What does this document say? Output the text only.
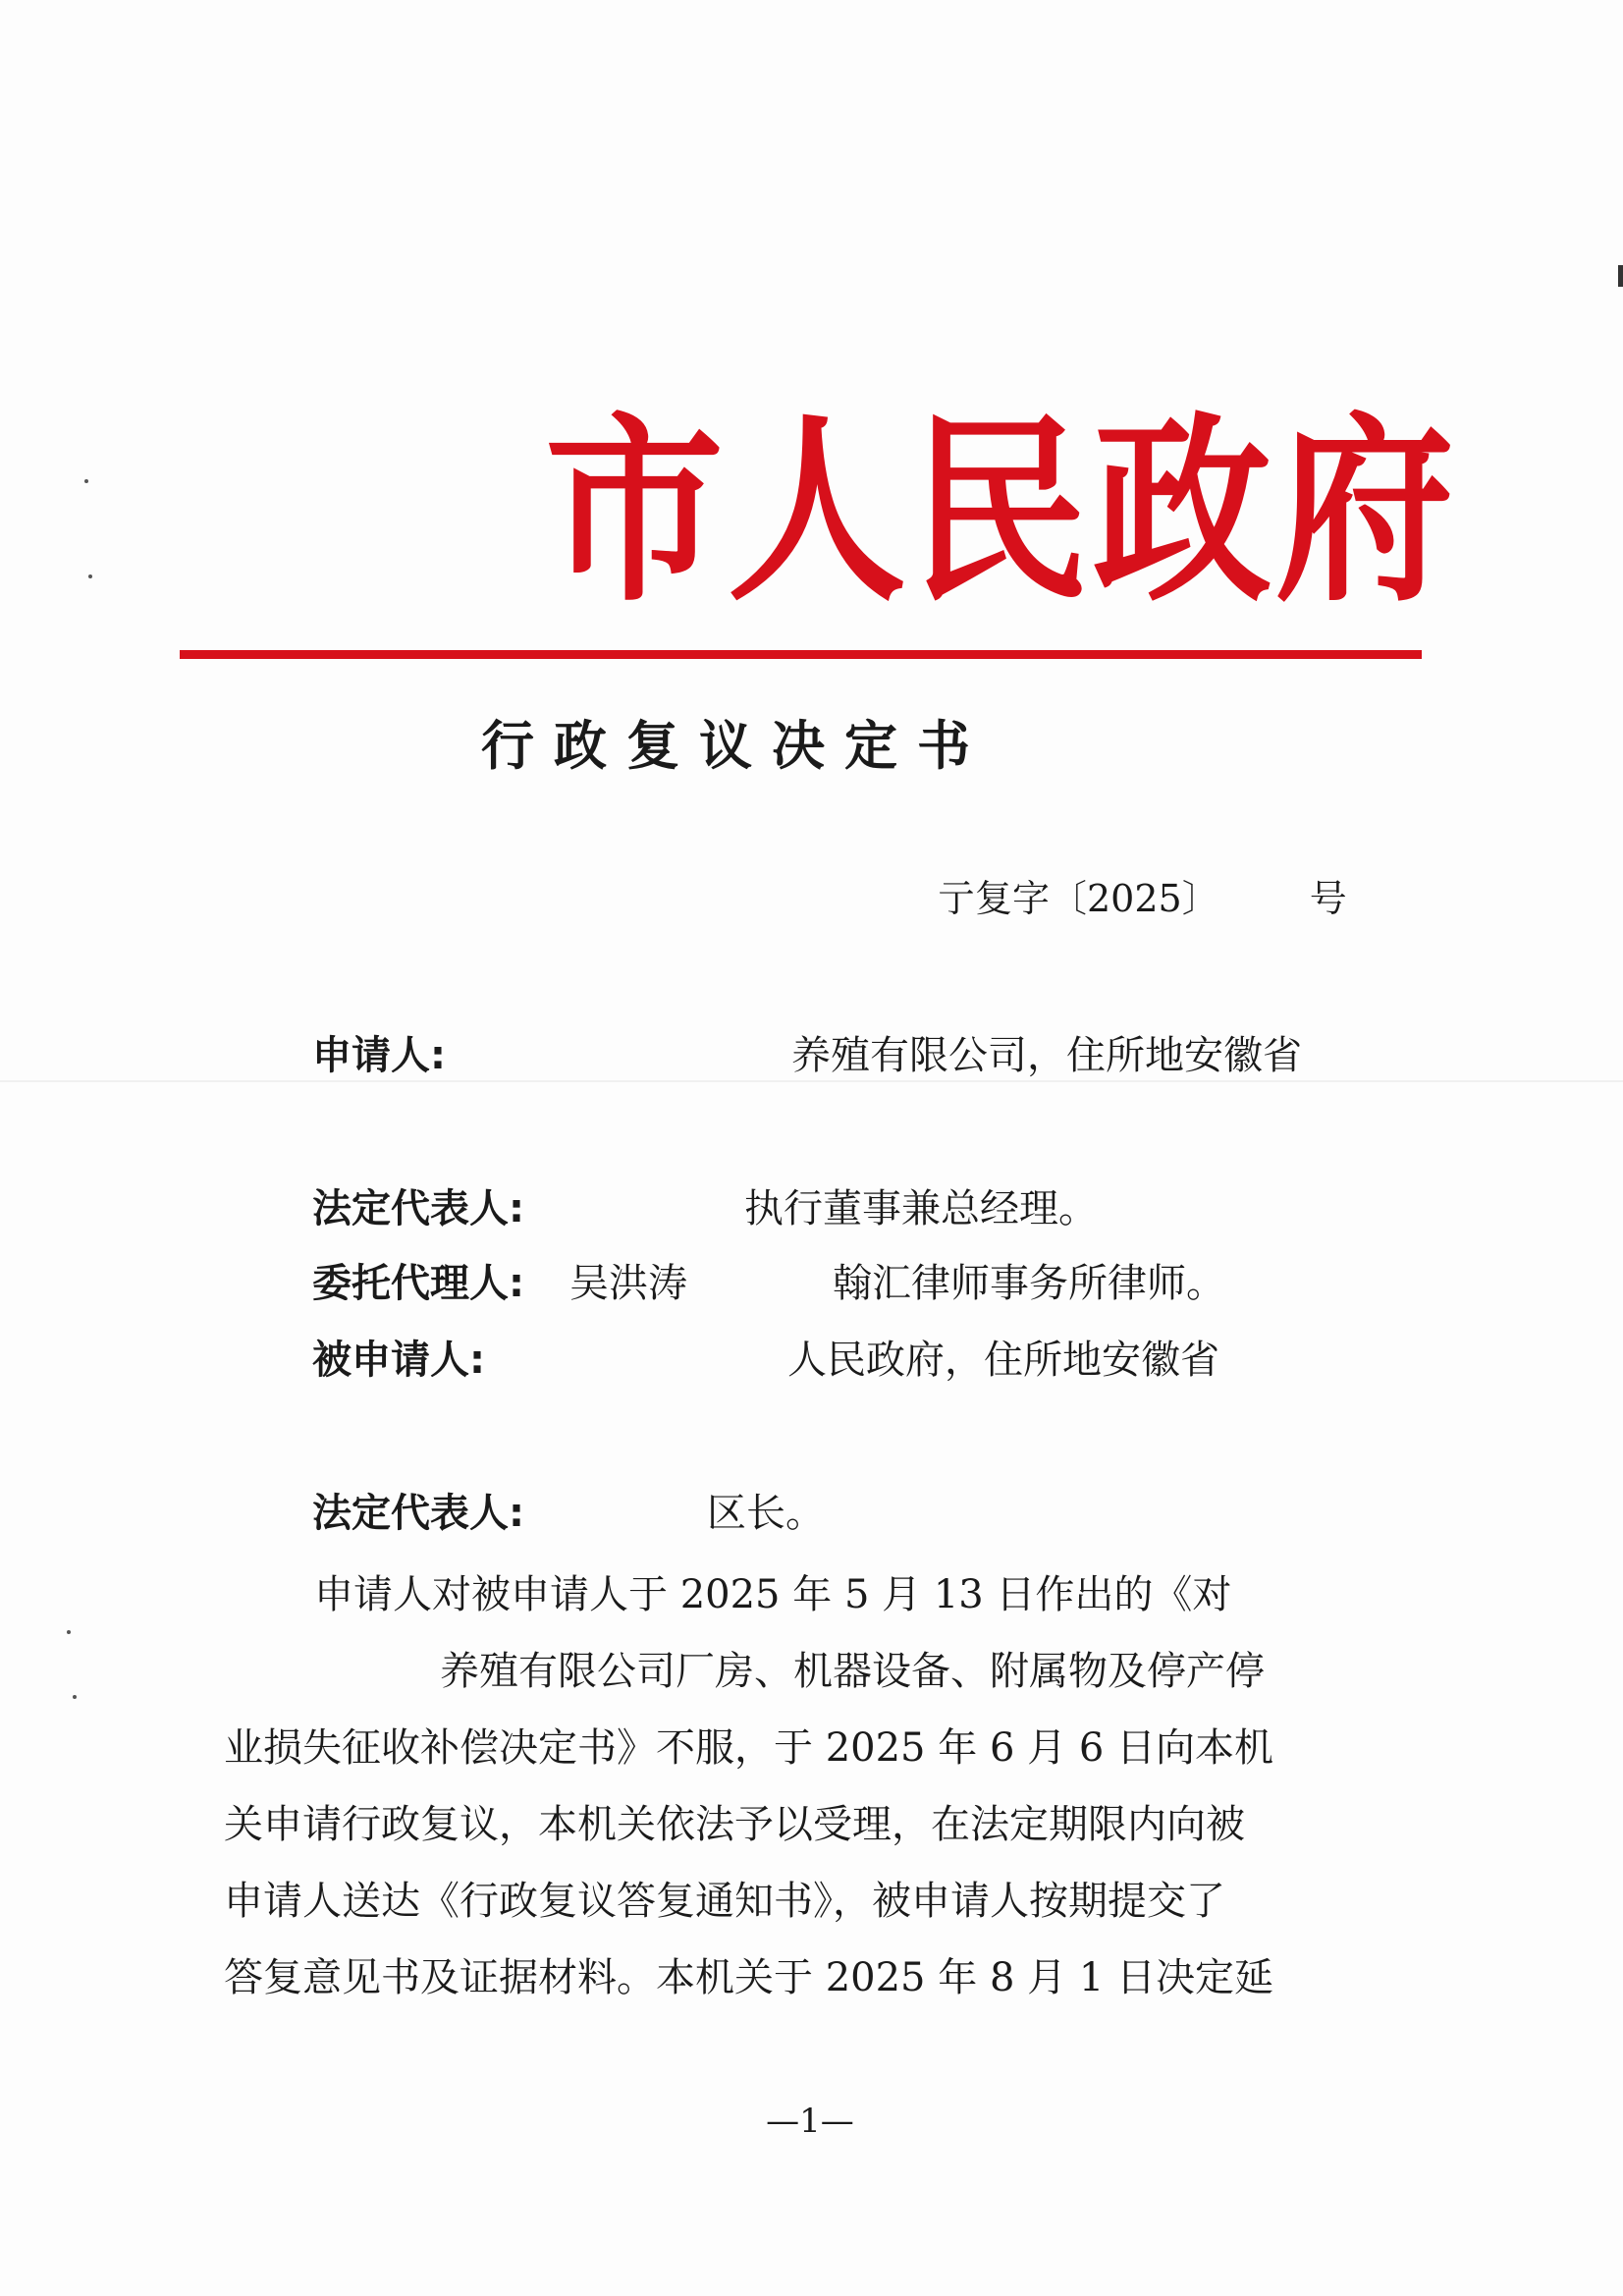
市人民政府
行政复议决定书
亍复字〔2025〕 号
申请人:	养殖有限公司，住所地安徽省
法定代表人:	执行董事兼总经理。
委托代理人: 吴洪涛	翰汇律师事务所律师。
被申请人:	人民政府，住所地安徽省
法定代表人:	区长。
申请人对被申请人于 2025 年 5 月 13 日作出的《对
养殖有限公司厂房、机器设备、附属物及停产停
业损失征收补偿决定书》不服，于 2025 年 6 月 6 日向本机
关申请行政复议，本机关依法予以受理，在法定期限内向被
申请人送达《行政复议答复通知书》，被申请人按期提交了
答复意见书及证据材料。本机关于 2025 年 8 月 1 日决定延
—1—
